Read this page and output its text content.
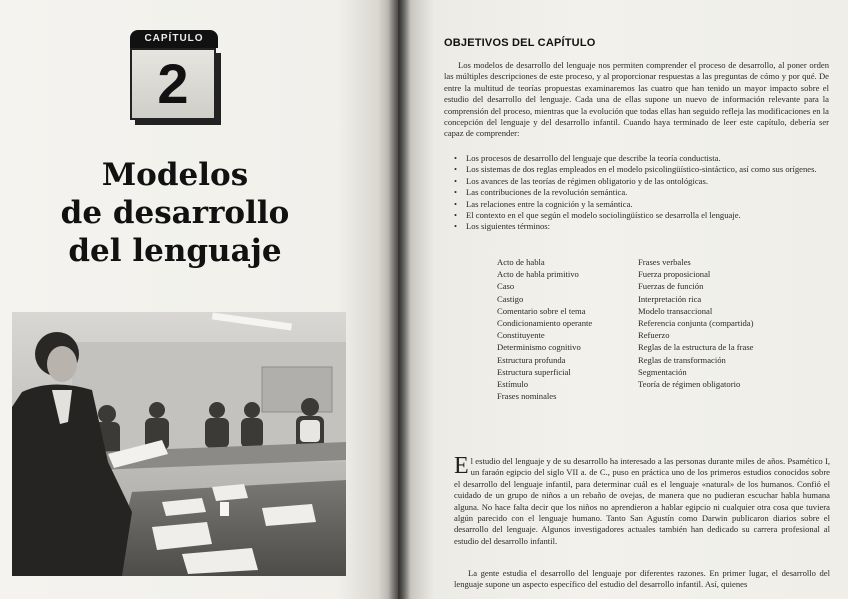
CAPÍTULO
2
Modelos
de desarrollo
del lenguaje
OBJETIVOS DEL CAPÍTULO

Los modelos de desarrollo del lenguaje nos permiten comprender el proceso de desarrollo, al poner orden las múltiples descripciones de este proceso, y al proporcionar respuestas a las preguntas de cómo y por qué. De entre la multitud de teorías propuestas examinaremos las cuatro que han tenido un mayor impacto sobre el estudio del desarrollo del lenguaje. Cada una de ellas supone un nuevo de información relevante para la comprensión del proceso, mientras que la evolución que todas ellas han seguido refleja las modificaciones en la concepción del lenguaje y del desarrollo infantil. Cuando haya terminado de leer este capítulo, debería ser capaz de comprender:

• Los procesos de desarrollo del lenguaje que describe la teoría conductista.
• Los sistemas de dos reglas empleados en el modelo psicolingüístico-sintáctico, así como sus orígenes.
• Los avances de las teorías de régimen obligatorio y de las ontológicas.
• Las contribuciones de la revolución semántica.
• Las relaciones entre la cognición y la semántica.
• El contexto en el que según el modelo sociolingüístico se desarrolla el lenguaje.
• Los siguientes términos:
Acto de habla
Acto de habla primitivo
Caso
Castigo
Comentario sobre el tema
Condicionamiento operante
Constituyente
Determinismo cognitivo
Estructura profunda
Estructura superficial
Estímulo
Frases nominales
Frases verbales
Fuerza proposicional
Fuerzas de función
Interpretación rica
Modelo transaccional
Referencia conjunta (compartida)
Refuerzo
Reglas de la estructura de la frase
Reglas de transformación
Segmentación
Teoría de régimen obligatorio

El estudio del lenguaje y de su desarrollo ha interesado a las personas durante miles de años. Psamético I, un faraón egipcio del siglo VII a. de C., puso en práctica uno de los primeros estudios conocidos sobre el desarrollo del lenguaje infantil, para determinar cuál es el lenguaje «natural» de los humanos. Confió el cuidado de un grupo de niños a un rebaño de ovejas, de manera que no pudieran escuchar habla humana alguna. No hace falta decir que los niños no aprendieron a hablar egipcio ni cualquier otra cosa que tuviera algún parecido con el lenguaje humano. Tanto San Agustín como Darwin publicaron diarios sobre el desarrollo del lenguaje. Algunos investigadores actuales también han dedicado su carrera profesional al estudio del desarrollo infantil.

La gente estudia el desarrollo del lenguaje por diferentes razones. En primer lugar, el desarrollo del lenguaje supone un aspecto específico del estudio del desarrollo infantil. Así, quienes
